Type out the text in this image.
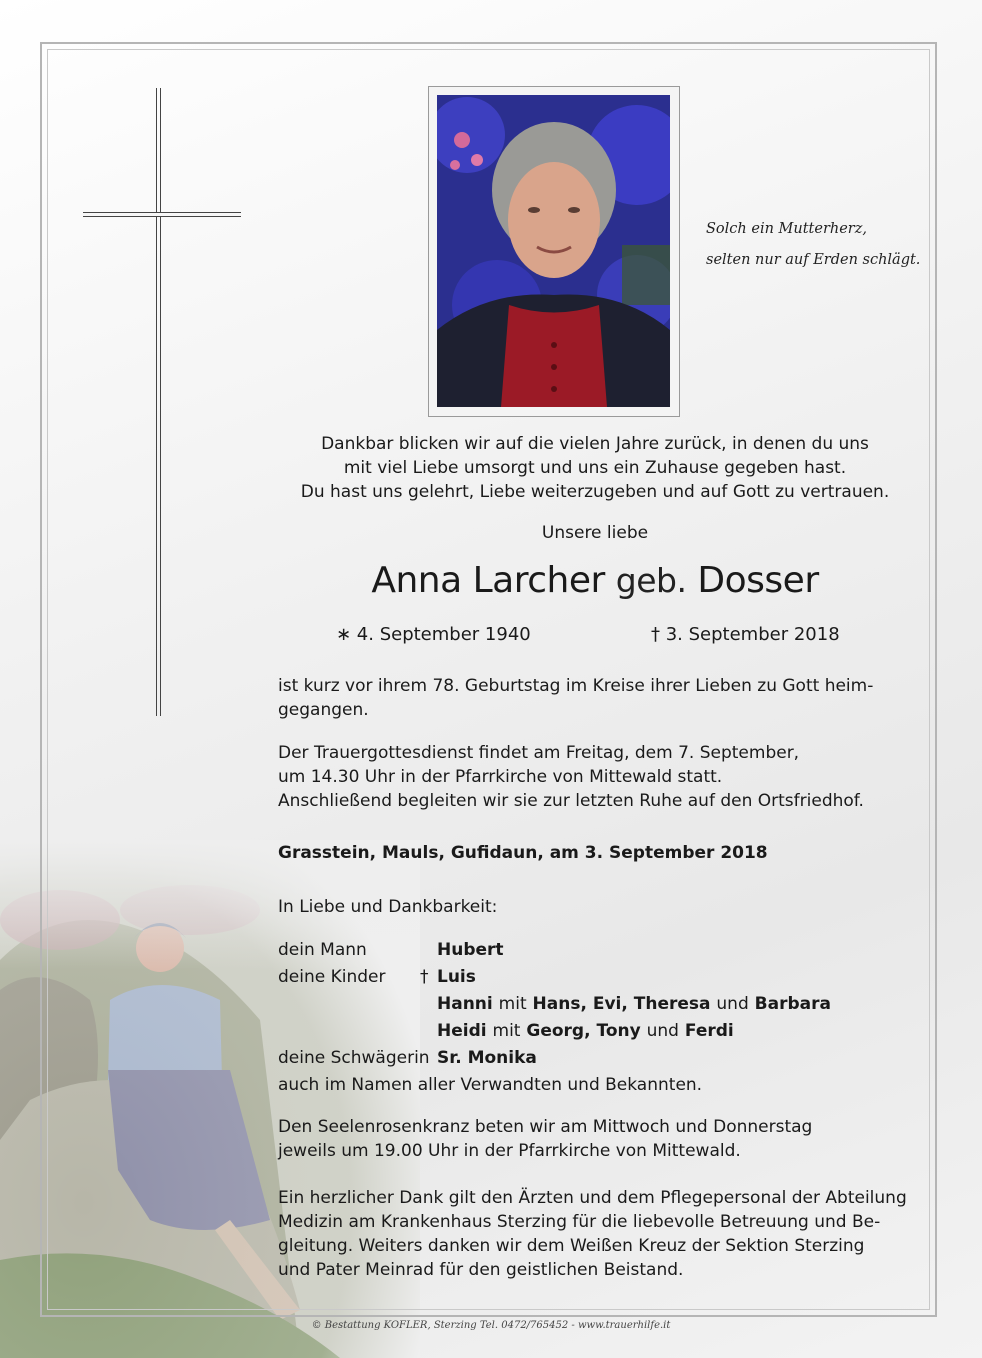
Solch ein Mutterherz,
selten nur auf Erden schlägt.
Dankbar blicken wir auf die vielen Jahre zurück, in denen du uns
mit viel Liebe umsorgt und uns ein Zuhause gegeben hast.
Du hast uns gelehrt, Liebe weiterzugeben und auf Gott zu vertrauen.
Unsere liebe
Anna Larcher geb. Dosser
∗ 4. September 1940	† 3. September 2018
ist kurz vor ihrem 78. Geburtstag im Kreise ihrer Lieben zu Gott heim-
gegangen.
Der Trauergottesdienst findet am Freitag, dem 7. September,
um 14.30 Uhr in der Pfarrkirche von Mittewald statt.
Anschließend begleiten wir sie zur letzten Ruhe auf den Ortsfriedhof.
Grasstein, Mauls, Gufidaun, am 3. September 2018
In Liebe und Dankbarkeit:
dein Mann	Hubert
deine Kinder † Luis
Hanni mit Hans, Evi, Theresa und Barbara
Heidi mit Georg, Tony und Ferdi
deine Schwägerin Sr. Monika
auch im Namen aller Verwandten und Bekannten.
Den Seelenrosenkranz beten wir am Mittwoch und Donnerstag
jeweils um 19.00 Uhr in der Pfarrkirche von Mittewald.
Ein herzlicher Dank gilt den Ärzten und dem Pflegepersonal der Abteilung
Medizin am Krankenhaus Sterzing für die liebevolle Betreuung und Be-
gleitung. Weiters danken wir dem Weißen Kreuz der Sektion Sterzing
und Pater Meinrad für den geistlichen Beistand.
© Bestattung KOFLER, Sterzing Tel. 0472/765452 - www.trauerhilfe.it
